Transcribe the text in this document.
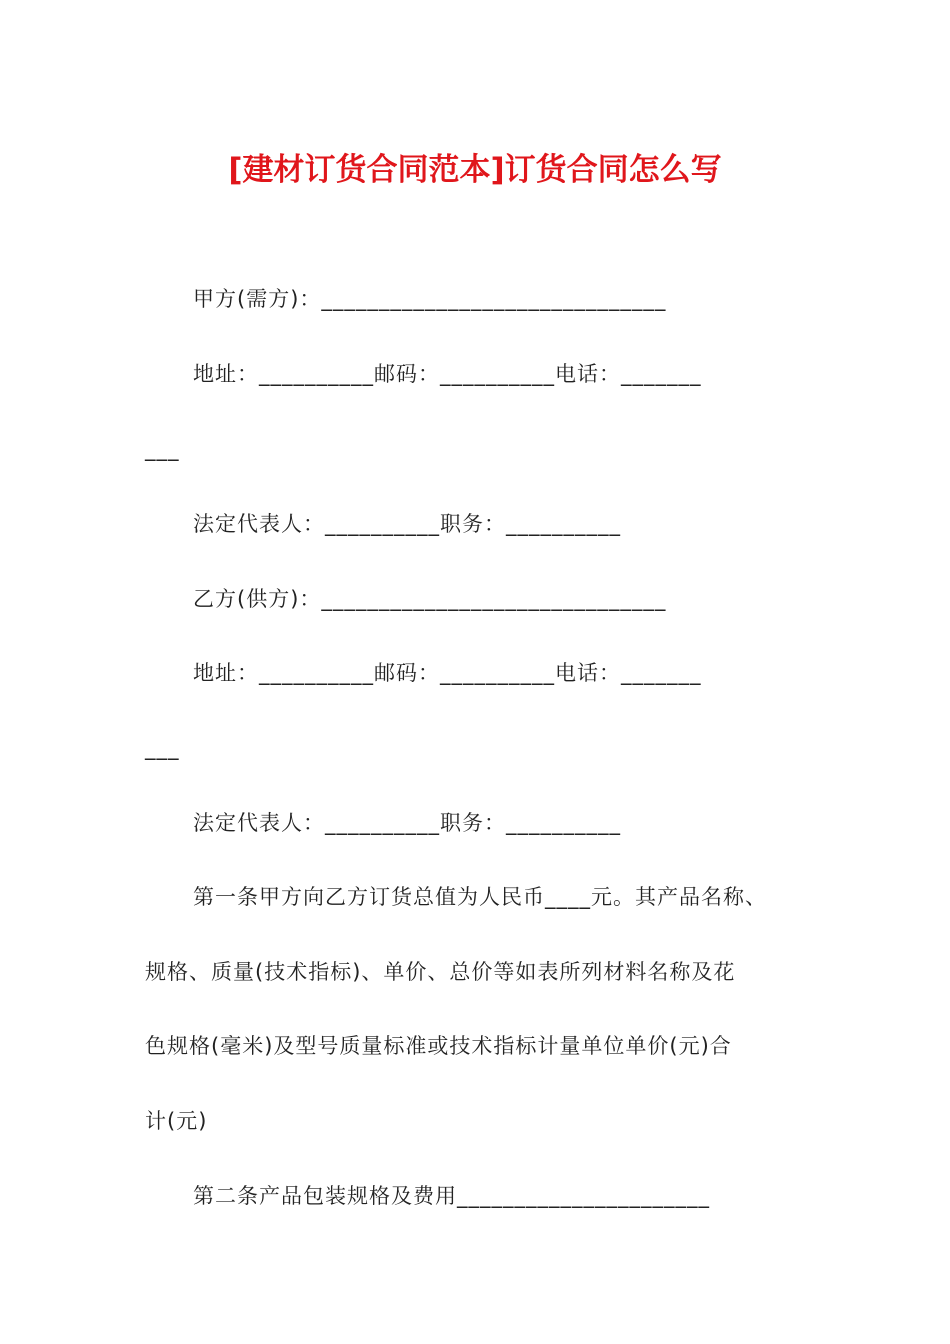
[建材订货合同范本]订货合同怎么写

甲方(需方)：______________________________

地址：__________邮码：__________电话：_______

___

法定代表人：__________职务：__________

乙方(供方)：______________________________

地址：__________邮码：__________电话：_______

___

法定代表人：__________职务：__________

第一条甲方向乙方订货总值为人民币____元。其产品名称、

规格、质量(技术指标)、单价、总价等如表所列材料名称及花

色规格(毫米)及型号质量标准或技术指标计量单位单价(元)合

计(元)

第二条产品包装规格及费用______________________
